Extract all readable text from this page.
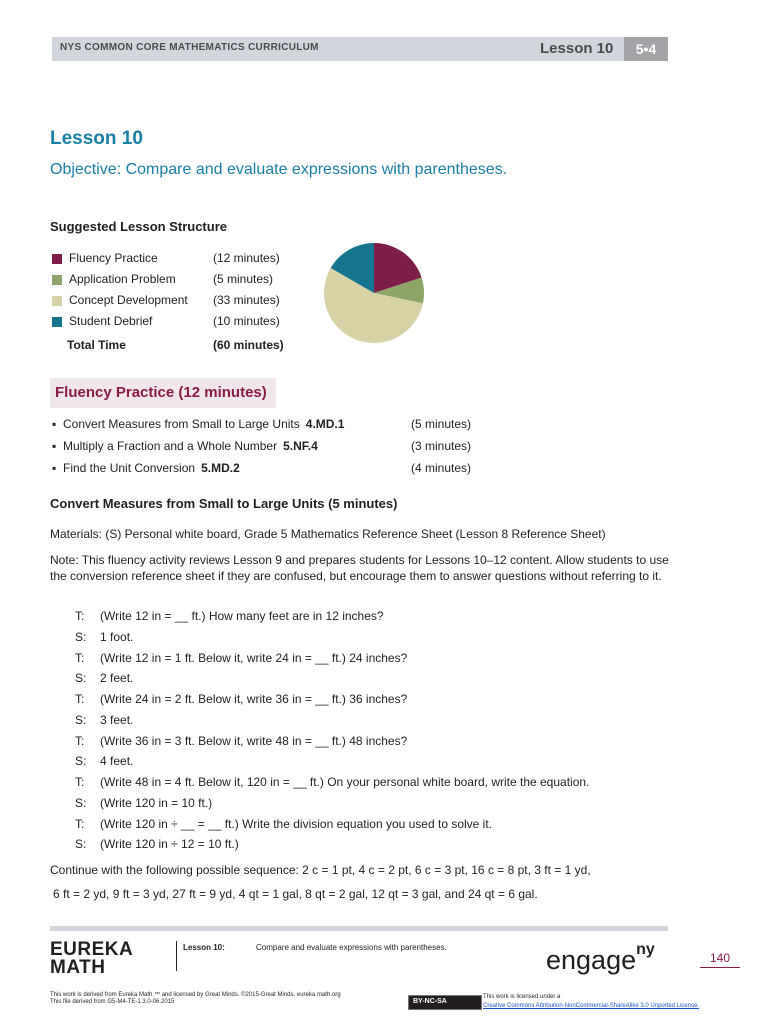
NYS COMMON CORE MATHEMATICS CURRICULUM	Lesson 10	5•4
Lesson 10
Objective: Compare and evaluate expressions with parentheses.
Suggested Lesson Structure
Fluency Practice	(12 minutes)
Application Problem	(5 minutes)
Concept Development (33 minutes)
Student Debrief	(10 minutes)
Total Time	(60 minutes)
Fluency Practice (12 minutes)
▪ Convert Measures from Small to Large Units 4.MD.1	(5 minutes)
▪ Multiply a Fraction and a Whole Number 5.NF.4	(3 minutes)
▪ Find the Unit Conversion 5.MD.2	(4 minutes)
Convert Measures from Small to Large Units (5 minutes)
Materials: (S) Personal white board, Grade 5 Mathematics Reference Sheet (Lesson 8 Reference Sheet)
Note: This fluency activity reviews Lesson 9 and prepares students for Lessons 10–12 content. Allow students to use the conversion reference sheet if they are confused, but encourage them to answer questions without referring to it.
T: (Write 12 in = __ ft.) How many feet are in 12 inches?
S: 1 foot.
T: (Write 12 in = 1 ft. Below it, write 24 in = __ ft.) 24 inches?
S: 2 feet.
T: (Write 24 in = 2 ft. Below it, write 36 in = __ ft.) 36 inches?
S: 3 feet.
T: (Write 36 in = 3 ft. Below it, write 48 in = __ ft.) 48 inches?
S: 4 feet.
T: (Write 48 in = 4 ft. Below it, 120 in = __ ft.) On your personal white board, write the equation.
S: (Write 120 in = 10 ft.)
T: (Write 120 in ÷ __ = __ ft.) Write the division equation you used to solve it.
S: (Write 120 in ÷ 12 = 10 ft.)
Continue with the following possible sequence: 2 c = 1 pt, 4 c = 2 pt, 6 c = 3 pt, 16 c = 8 pt, 3 ft = 1 yd,
6 ft = 2 yd, 9 ft = 3 yd, 27 ft = 9 yd, 4 qt = 1 gal, 8 qt = 2 gal, 12 qt = 3 gal, and 24 qt = 6 gal.
EUREKA
MATH
Lesson 10:	Compare and evaluate expressions with parentheses.	engage$^{ny}$	140
This work is derived from Eureka Math ™ and licensed by Great Minds. ©2015-Great Minds. eureka math.org
This file derived from G5-M4-TE-1.3.0-06.2015	BY-NC-SA
This work is licensed under a
Creative Commons Attribution-NonCommercial-ShareAlike 3.0 Unported License.
